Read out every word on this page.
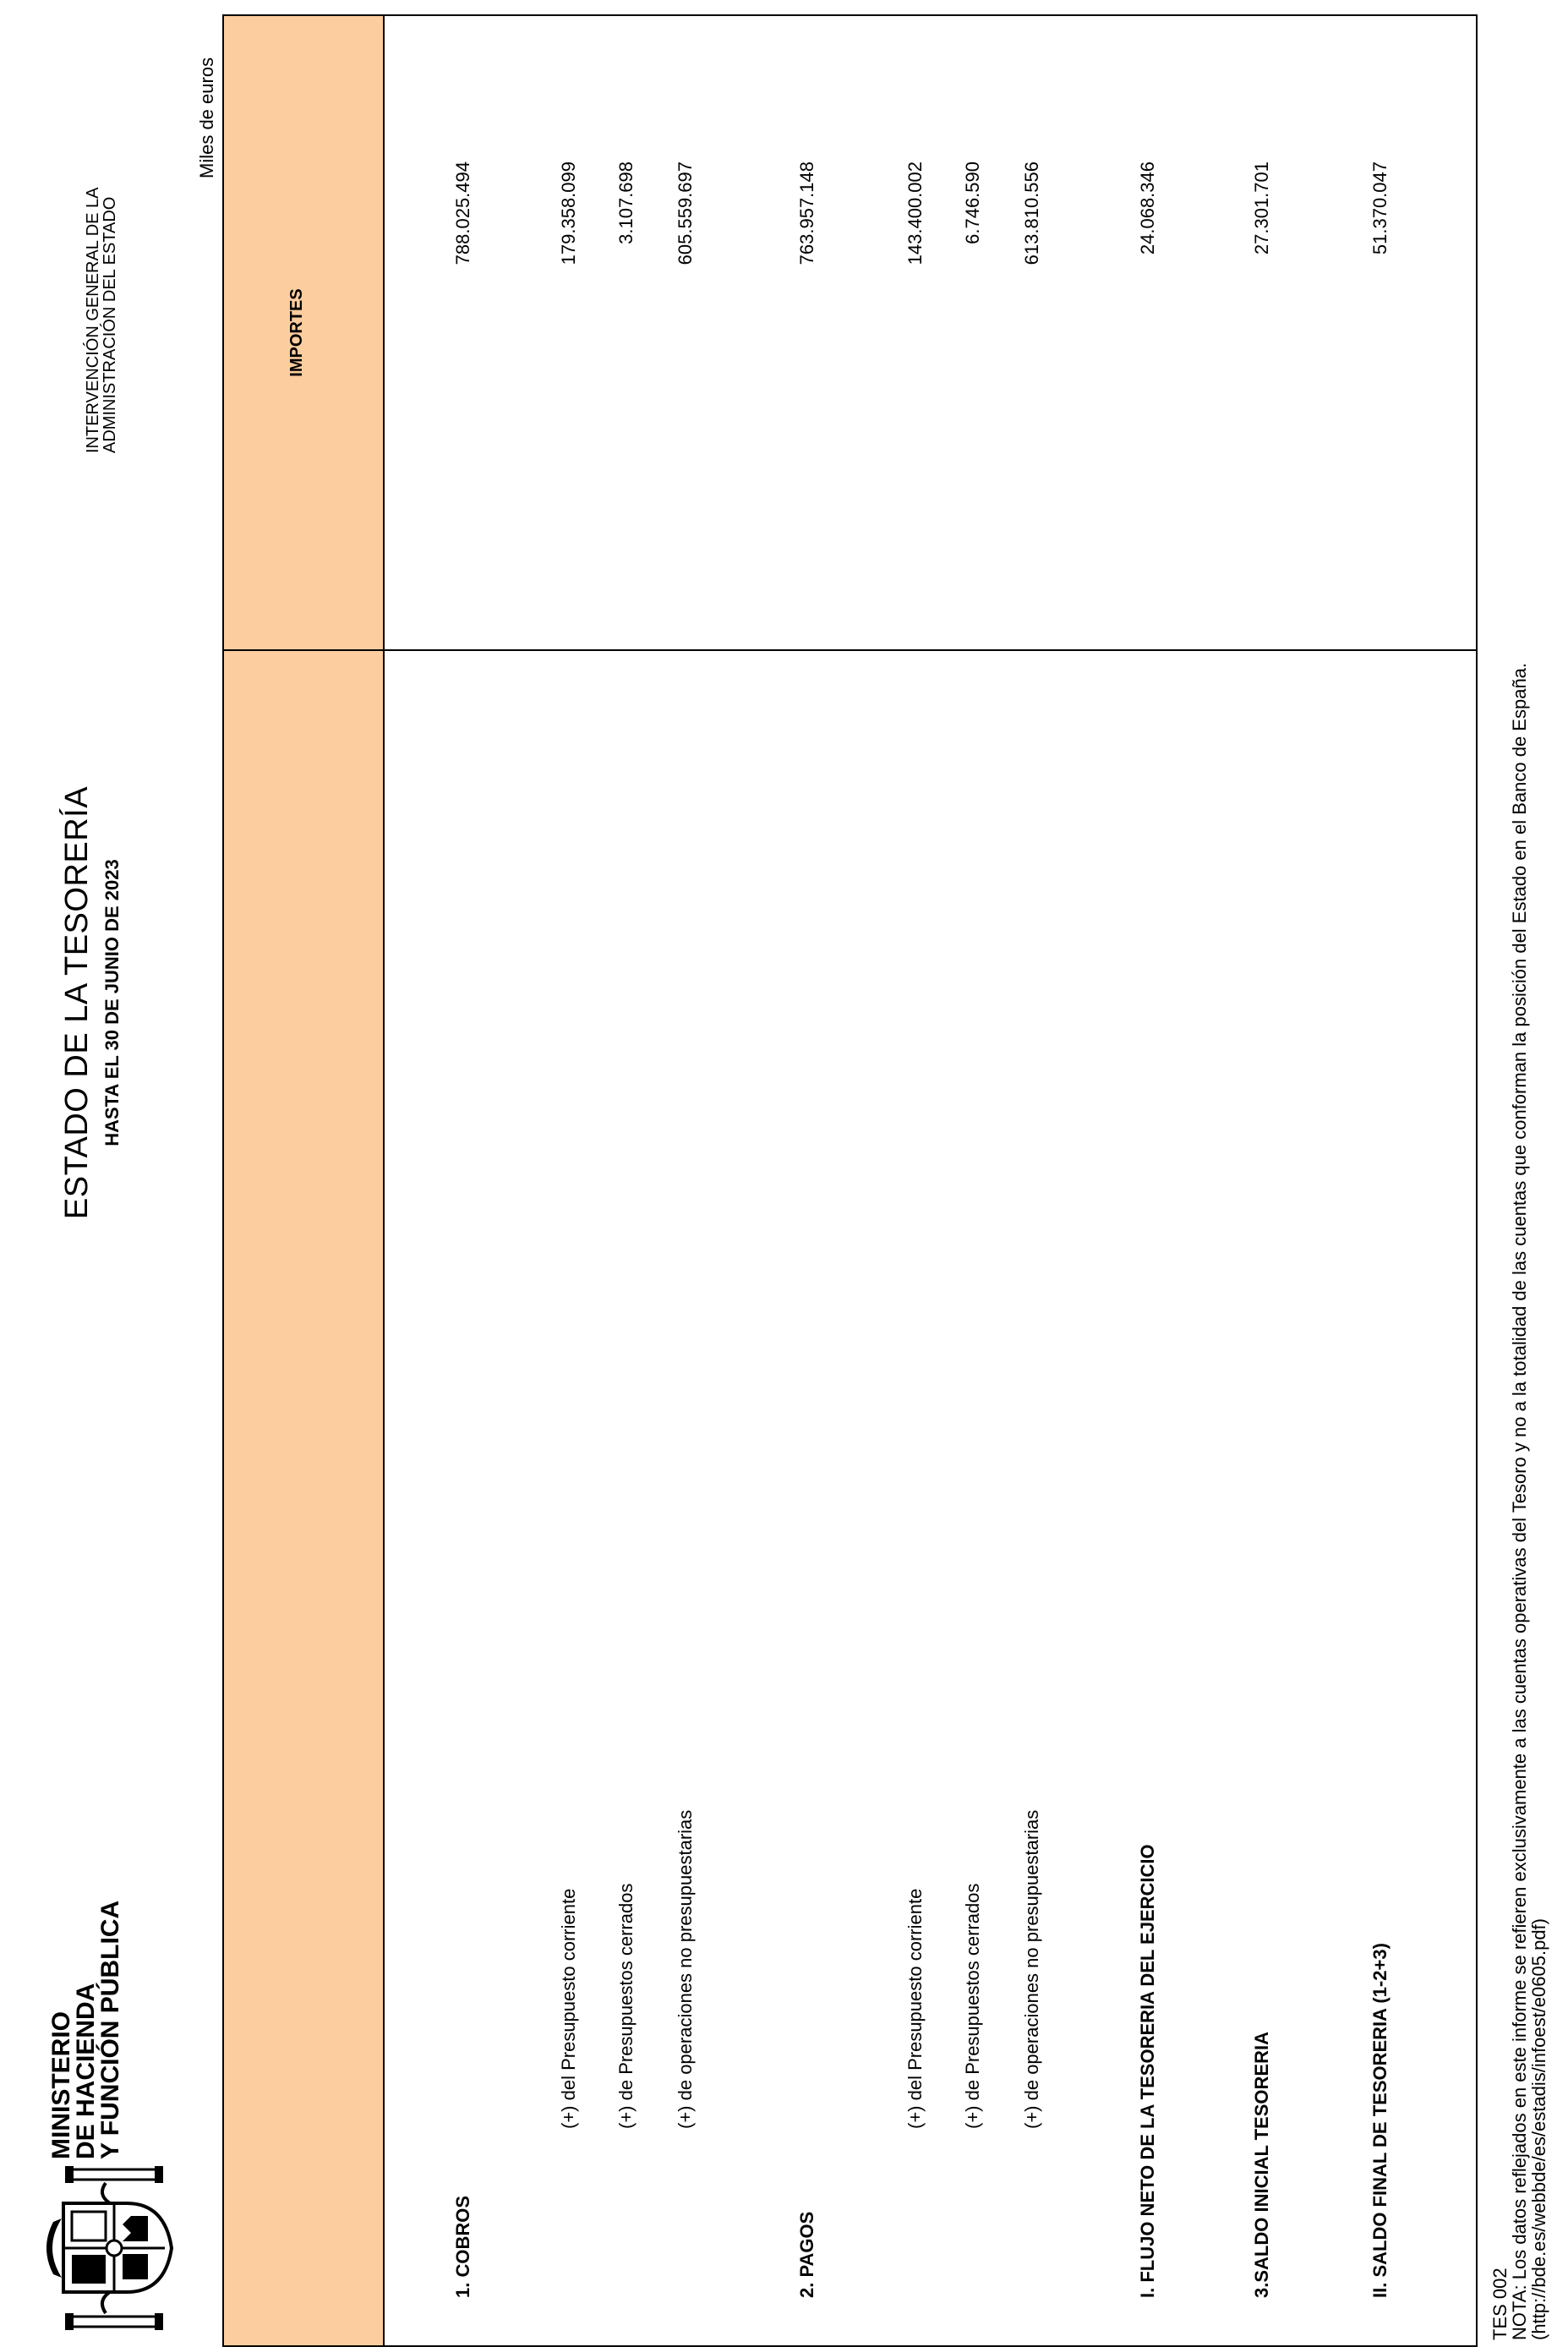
MINISTERIO
DE HACIENDA
Y FUNCIÓN PÚBLICA
ESTADO DE LA TESORERÍA HASTA EL 30 DE JUNIO DE 2023
INTERVENCIÓN GENERAL DE LA
ADMINISTRACIÓN DEL ESTADO
Miles de euros
IMPORTES
1. COBROS
788.025.494
(+) del Presupuesto corriente
179.358.099
(+) de Presupuestos cerrados
3.107.698
(+) de operaciones no presupuestarias
605.559.697
2. PAGOS
763.957.148
(+) del Presupuesto corriente
143.400.002
(+) de Presupuestos cerrados
6.746.590
(+) de operaciones no presupuestarias
613.810.556
I. FLUJO NETO DE LA TESORERIA DEL EJERCICIO
24.068.346
3.SALDO INICIAL TESORERIA
27.301.701
II. SALDO FINAL DE TESORERIA (1-2+3)
51.370.047
TES 002
NOTA: Los datos reflejados en este informe se refieren exclusivamente a las cuentas operativas del Tesoro y no a la totalidad de las cuentas que conforman la posición del Estado en el Banco de España.
(http://bde.es/webbde/es/estadis/infoest/e0605.pdf)
